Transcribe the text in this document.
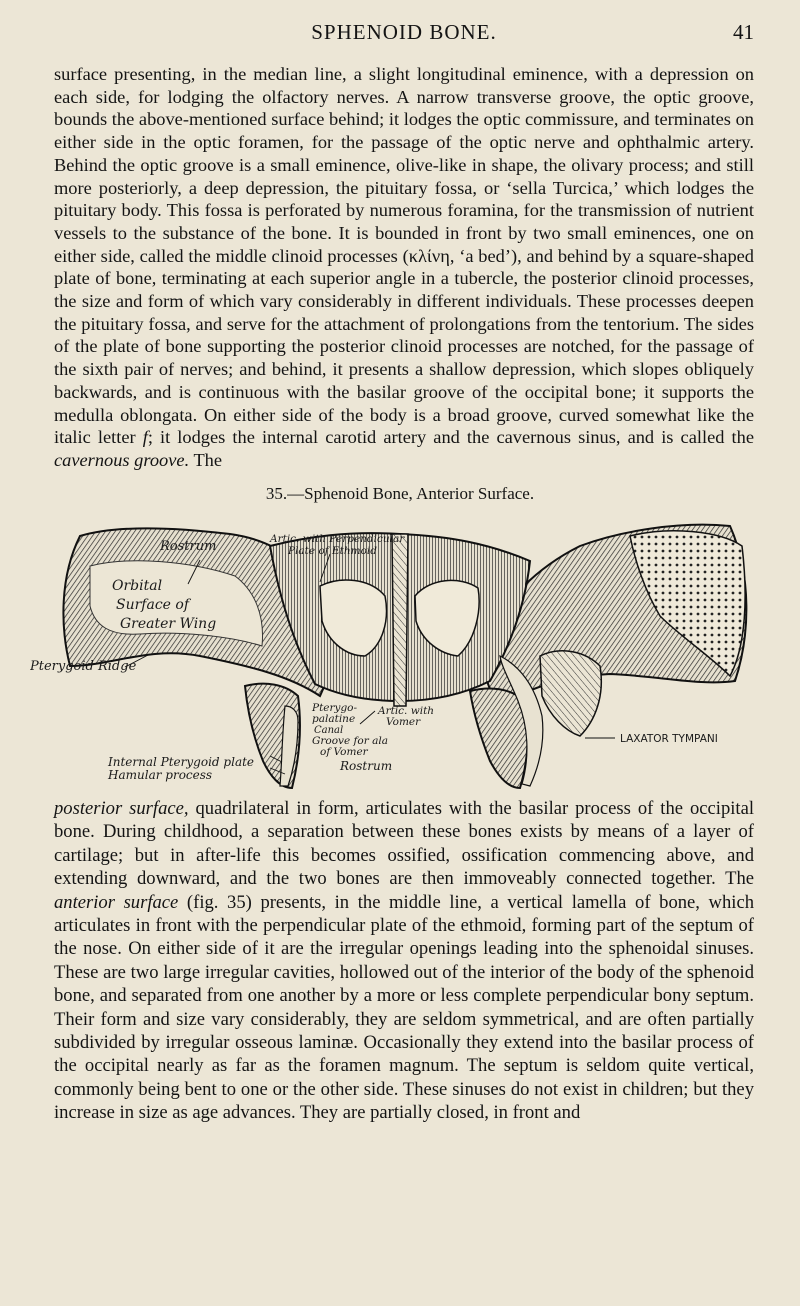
SPHENOID BONE.	41

surface presenting, in the median line, a slight longitudinal eminence, with a depression on each side, for lodging the olfactory nerves. A narrow transverse groove, the optic groove, bounds the above-mentioned surface behind; it lodges the optic commissure, and terminates on either side in the optic foramen, for the passage of the optic nerve and ophthalmic artery. Behind the optic groove is a small eminence, olive-like in shape, the olivary process; and still more posteriorly, a deep depression, the pituitary fossa, or ‘sella Turcica,’ which lodges the pituitary body. This fossa is perforated by numerous foramina, for the transmission of nutrient vessels to the substance of the bone. It is bounded in front by two small eminences, one on either side, called the middle clinoid processes (κλίνη, ‘a bed’), and behind by a square-shaped plate of bone, terminating at each superior angle in a tubercle, the posterior clinoid processes, the size and form of which vary considerably in different individuals. These processes deepen the pituitary fossa, and serve for the attachment of prolongations from the tentorium. The sides of the plate of bone supporting the posterior clinoid processes are notched, for the passage of the sixth pair of nerves; and behind, it presents a shallow depression, which slopes obliquely backwards, and is continuous with the basilar groove of the occipital bone; it supports the medulla oblongata. On either side of the body is a broad groove, curved somewhat like the italic letter f; it lodges the internal carotid artery and the cavernous sinus, and is called the cavernous groove. The

35.—Sphenoid Bone, Anterior Surface.
Rostrum	Artic. with Perpendicular
Plate of Ethmoid
Orbital
Surface of
Greater Wing
Pterygoid Ridge
Pterygo-
palatine
Canal
Groove for ala
of Vomer
Artic. with
Vomer
Rostrum
LAXATOR TYMPANI
Internal Pterygoid plate
Hamular process

posterior surface, quadrilateral in form, articulates with the basilar process of the occipital bone. During childhood, a separation between these bones exists by means of a layer of cartilage; but in after-life this becomes ossified, ossification commencing above, and extending downward, and the two bones are then immoveably connected together. The anterior surface (fig. 35) presents, in the middle line, a vertical lamella of bone, which articulates in front with the perpendicular plate of the ethmoid, forming part of the septum of the nose. On either side of it are the irregular openings leading into the sphenoidal sinuses. These are two large irregular cavities, hollowed out of the interior of the body of the sphenoid bone, and separated from one another by a more or less complete perpendicular bony septum. Their form and size vary considerably, they are seldom symmetrical, and are often partially subdivided by irregular osseous laminæ. Occasionally they extend into the basilar process of the occipital nearly as far as the foramen magnum. The septum is seldom quite vertical, commonly being bent to one or the other side. These sinuses do not exist in children; but they increase in size as age advances. They are partially closed, in front and
